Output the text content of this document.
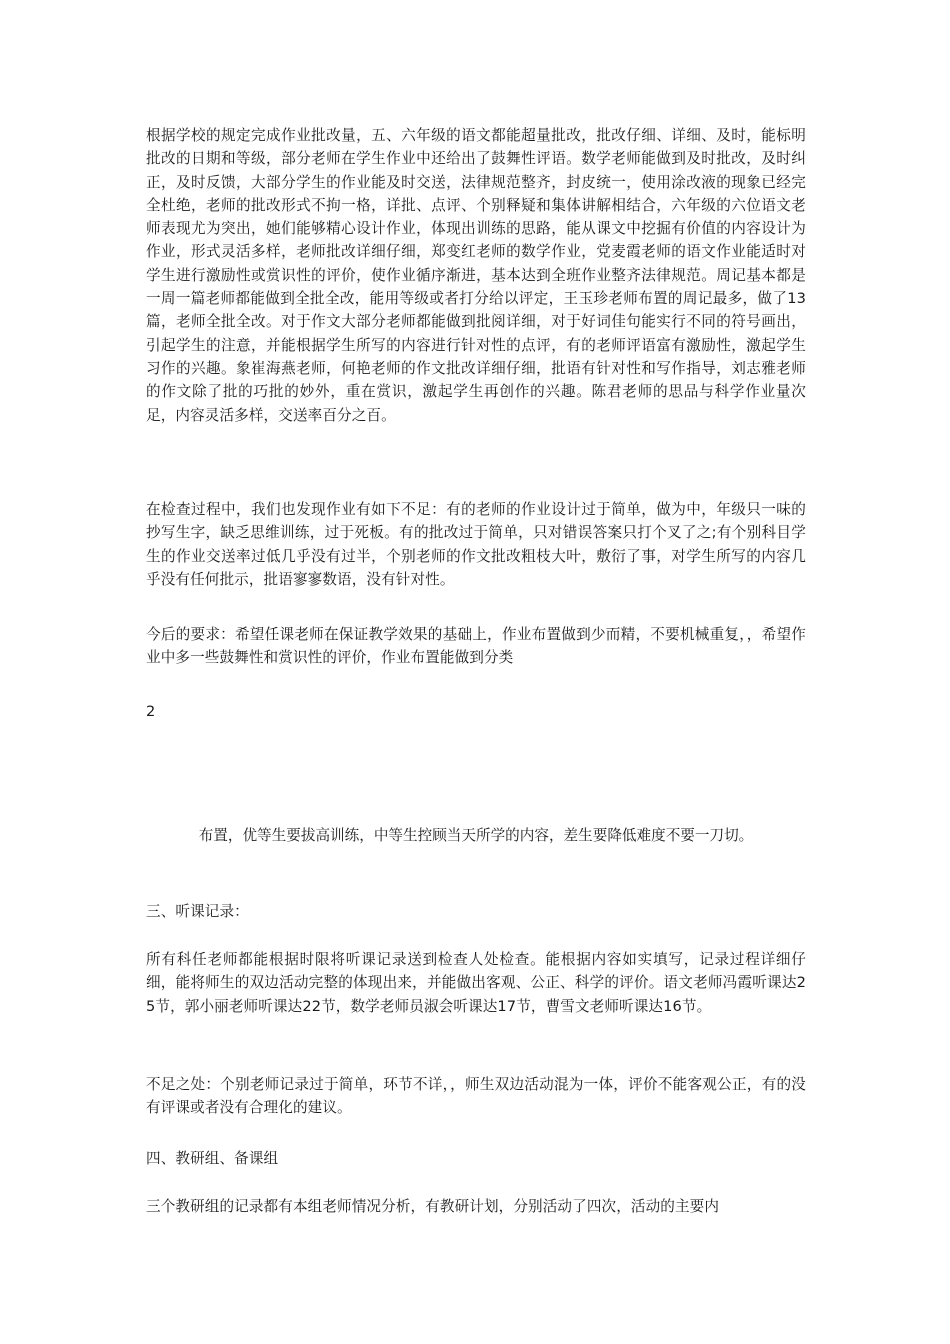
根据学校的规定完成作业批改量，五、六年级的语文都能超量批改，批改仔细、详细、及时，能标明批改的日期和等级，部分老师在学生作业中还给出了鼓舞性评语。数学老师能做到及时批改，及时纠正，及时反馈，大部分学生的作业能及时交送，法律规范整齐，封皮统一，使用涂改液的现象已经完全杜绝，老师的批改形式不拘一格，详批、点评、个别释疑和集体讲解相结合，六年级的六位语文老师表现尤为突出，她们能够精心设计作业，体现出训练的思路，能从课文中挖掘有价值的内容设计为作业，形式灵活多样，老师批改详细仔细，郑变红老师的数学作业，党麦霞老师的语文作业能适时对学生进行激励性或赏识性的评价，使作业循序渐进，基本达到全班作业整齐法律规范。周记基本都是一周一篇老师都能做到全批全改，能用等级或者打分给以评定，王玉珍老师布置的周记最多，做了13篇，老师全批全改。对于作文大部分老师都能做到批阅详细，对于好词佳句能实行不同的符号画出，引起学生的注意，并能根据学生所写的内容进行针对性的点评，有的老师评语富有激励性，激起学生习作的兴趣。象崔海燕老师，何艳老师的作文批改详细仔细，批语有针对性和写作指导，刘志雅老师的作文除了批的巧批的妙外，重在赏识，激起学生再创作的兴趣。陈君老师的思品与科学作业量次足，内容灵活多样，交送率百分之百。

在检查过程中，我们也发现作业有如下不足：有的老师的作业设计过于简单，做为中，年级只一味的抄写生字，缺乏思维训练，过于死板。有的批改过于简单，只对错误答案只打个叉了之;有个别科目学生的作业交送率过低几乎没有过半，个别老师的作文批改粗枝大叶，敷衍了事，对学生所写的内容几乎没有任何批示，批语寥寥数语，没有针对性。

今后的要求：希望任课老师在保证教学效果的基础上，作业布置做到少而精，不要机械重复，，希望作业中多一些鼓舞性和赏识性的评价，作业布置能做到分类

2

布置，优等生要拔高训练，中等生控顾当天所学的内容，差生要降低难度不要一刀切。

三、听课记录：

所有科任老师都能根据时限将听课记录送到检查人处检查。能根据内容如实填写，记录过程详细仔细，能将师生的双边活动完整的体现出来，并能做出客观、公正、科学的评价。语文老师冯霞听课达25节，郭小丽老师听课达22节，数学老师员淑会听课达17节，曹雪文老师听课达16节。

不足之处：个别老师记录过于简单，环节不详，，师生双边活动混为一体，评价不能客观公正，有的没有评课或者没有合理化的建议。

四、教研组、备课组

三个教研组的记录都有本组老师情况分析，有教研计划，分别活动了四次，活动的主要内
